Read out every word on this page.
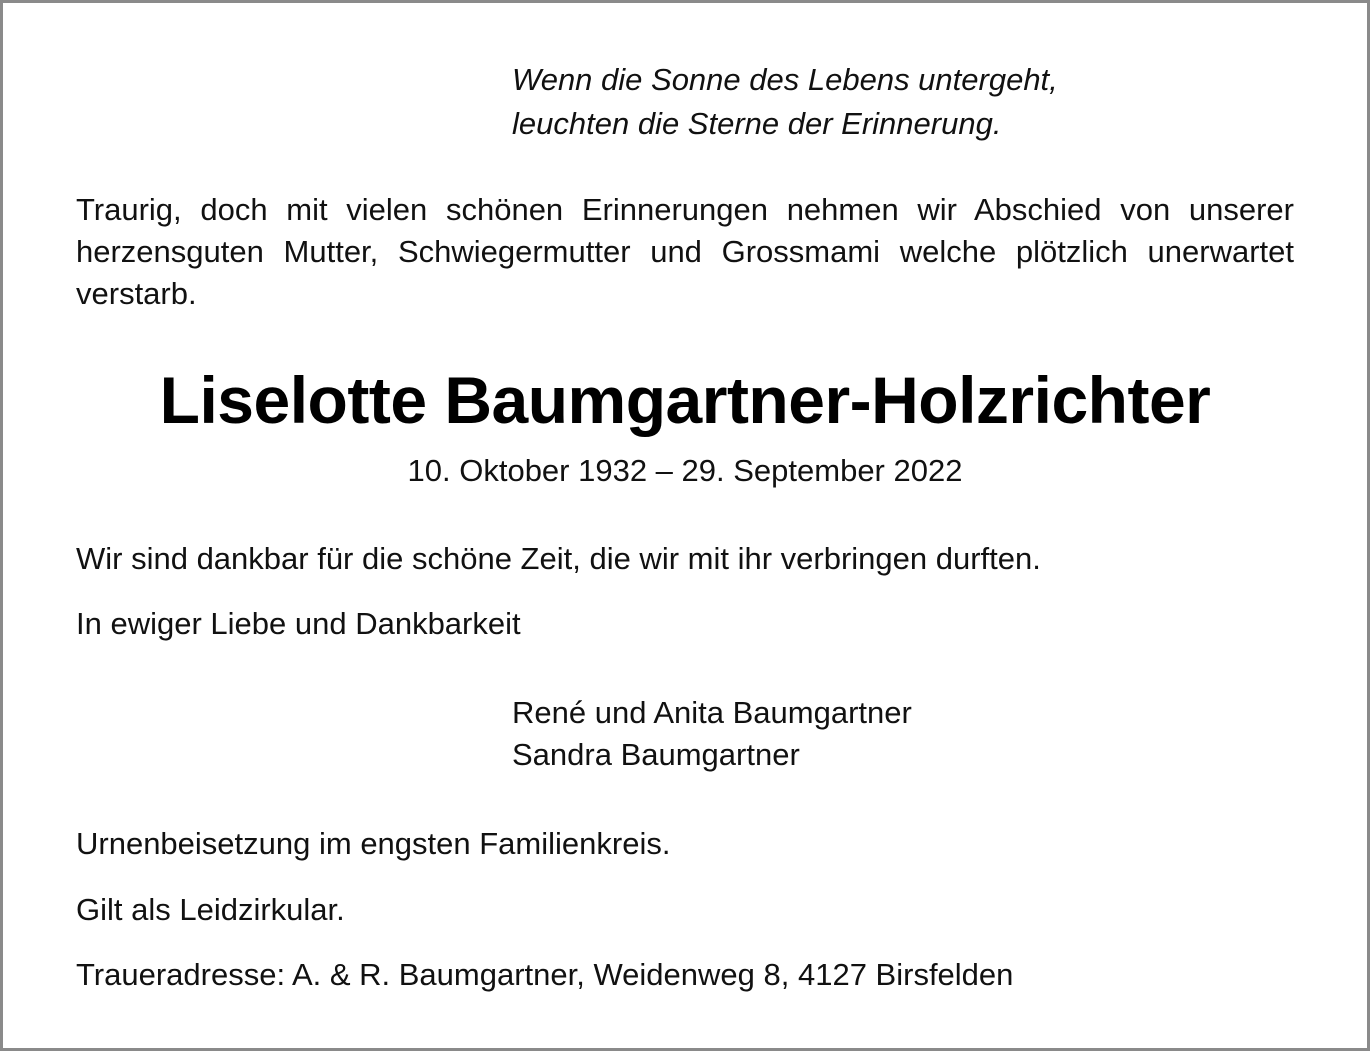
Wenn die Sonne des Lebens untergeht,
leuchten die Sterne der Erinnerung.
Traurig, doch mit vielen schönen Erinnerungen nehmen wir Abschied von unserer herzensguten Mutter, Schwiegermutter und Grossmami welche plötzlich unerwartet verstarb.
Liselotte Baumgartner-Holzrichter
10. Oktober 1932 – 29. September 2022
Wir sind dankbar für die schöne Zeit, die wir mit ihr verbringen durften.
In ewiger Liebe und Dankbarkeit
René und Anita Baumgartner
Sandra Baumgartner
Urnenbeisetzung im engsten Familienkreis.
Gilt als Leidzirkular.
Traueradresse: A. & R. Baumgartner, Weidenweg 8, 4127 Birsfelden
